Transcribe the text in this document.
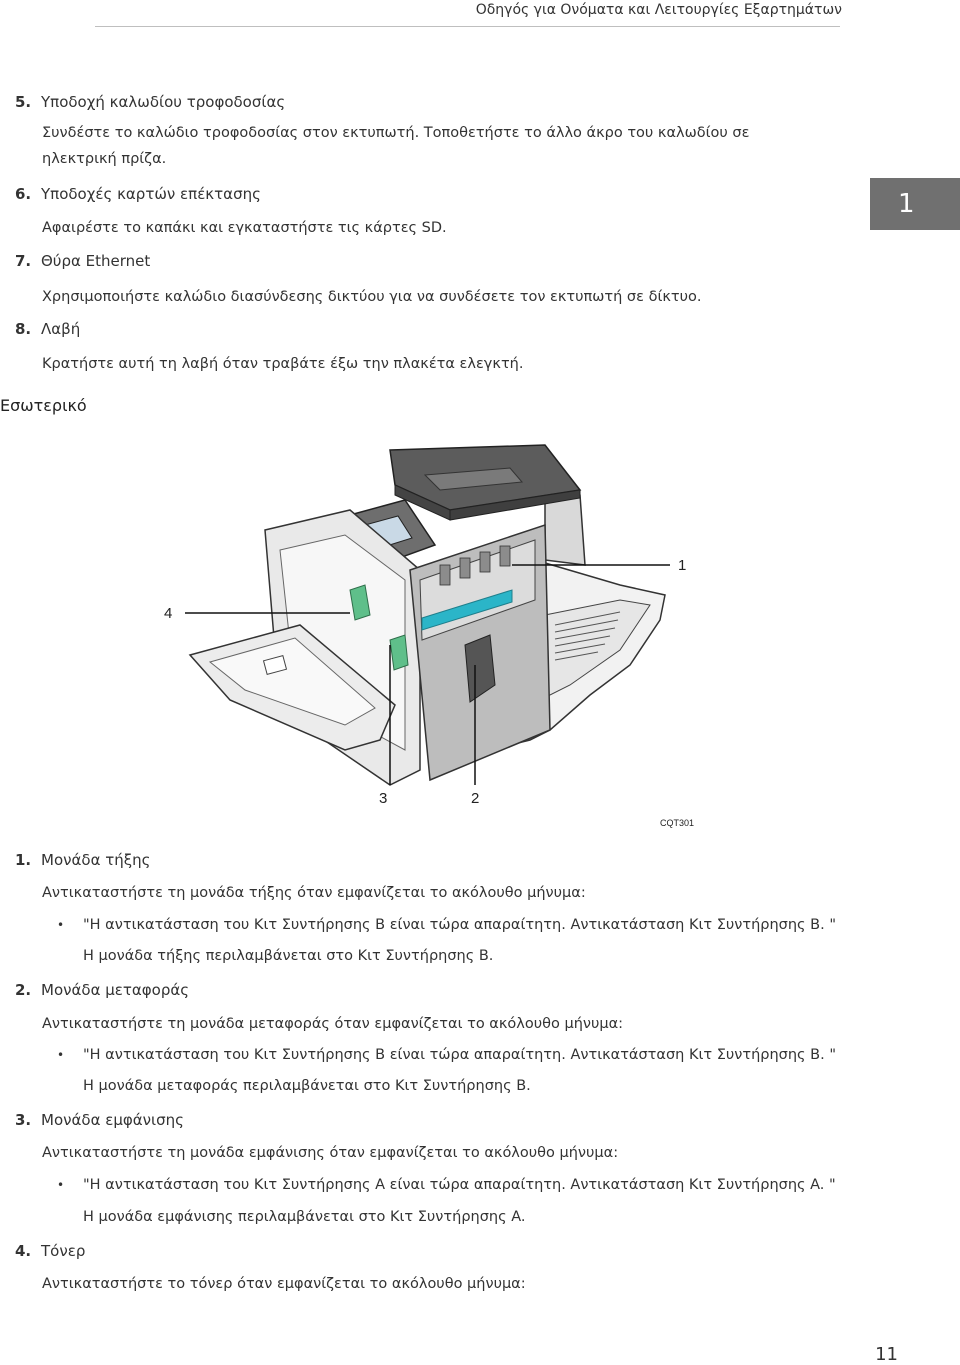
Οδηγός για Ονόματα και Λειτουργίες Εξαρτημάτων
1
5. Υποδοχή καλωδίου τροφοδοσίας
Συνδέστε το καλώδιο τροφοδοσίας στον εκτυπωτή. Τοποθετήστε το άλλο άκρο του καλωδίου σε ηλεκτρική πρίζα.
6. Υποδοχές καρτών επέκτασης
Αφαιρέστε το καπάκι και εγκαταστήστε τις κάρτες SD.
7. Θύρα Ethernet
Χρησιμοποιήστε καλώδιο διασύνδεσης δικτύου για να συνδέσετε τον εκτυπωτή σε δίκτυο.
8. Λαβή
Κρατήστε αυτή τη λαβή όταν τραβάτε έξω την πλακέτα ελεγκτή.
Εσωτερικό
1
2
3
4
CQT301
1. Μονάδα τήξης
Αντικαταστήστε τη μονάδα τήξης όταν εμφανίζεται το ακόλουθο μήνυμα:
• "Η αντικατάσταση του Κιτ Συντήρησης B είναι τώρα απαραίτητη. Αντικατάσταση Κιτ Συντήρησης B. "
Η μονάδα τήξης περιλαμβάνεται στο Κιτ Συντήρησης B.
2. Μονάδα μεταφοράς
Αντικαταστήστε τη μονάδα μεταφοράς όταν εμφανίζεται το ακόλουθο μήνυμα:
• "Η αντικατάσταση του Κιτ Συντήρησης B είναι τώρα απαραίτητη. Αντικατάσταση Κιτ Συντήρησης B. "
Η μονάδα μεταφοράς περιλαμβάνεται στο Κιτ Συντήρησης B.
3. Μονάδα εμφάνισης
Αντικαταστήστε τη μονάδα εμφάνισης όταν εμφανίζεται το ακόλουθο μήνυμα:
• "Η αντικατάσταση του Κιτ Συντήρησης A είναι τώρα απαραίτητη. Αντικατάσταση Κιτ Συντήρησης A. "
Η μονάδα εμφάνισης περιλαμβάνεται στο Κιτ Συντήρησης A.
4. Τόνερ
Αντικαταστήστε το τόνερ όταν εμφανίζεται το ακόλουθο μήνυμα:
11
